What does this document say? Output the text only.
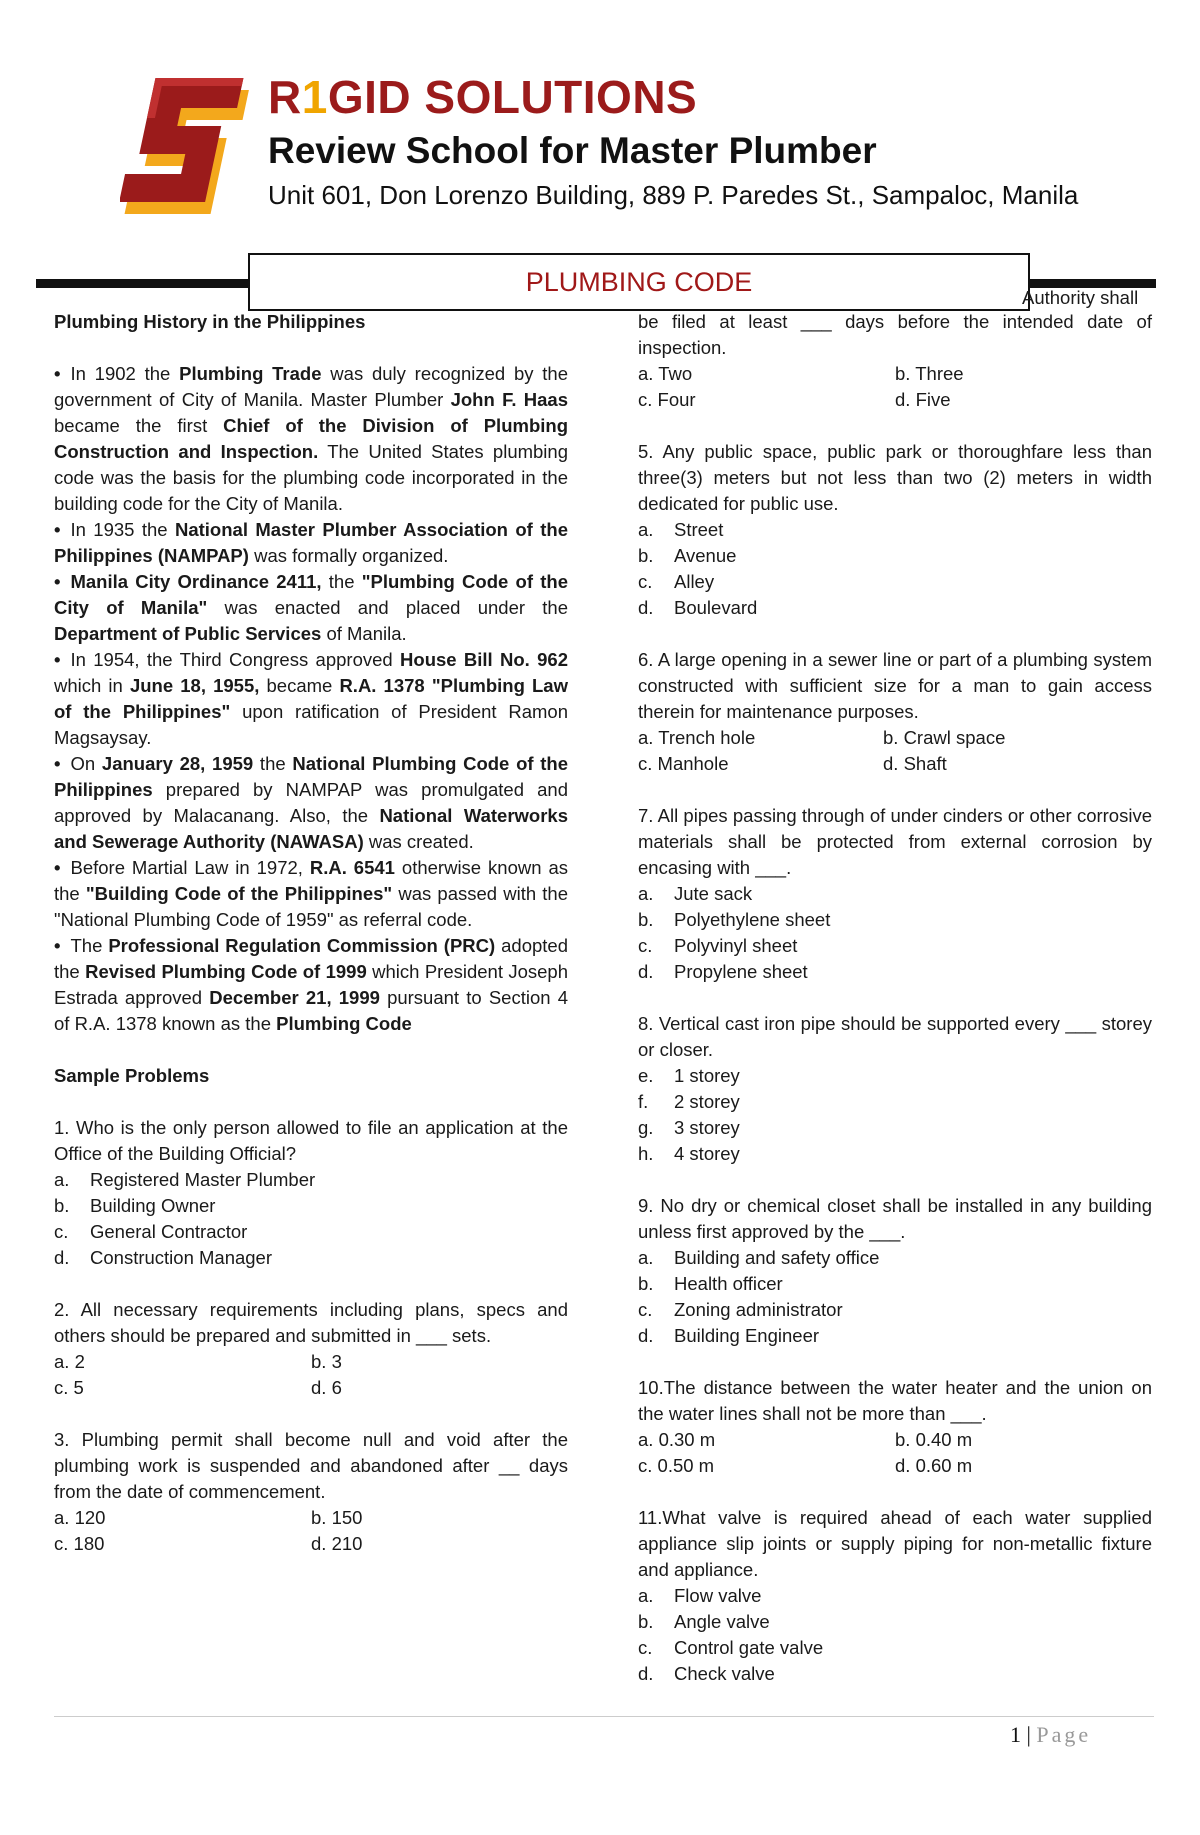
R1GID SOLUTIONS
Review School for Master Plumber
Unit 601, Don Lorenzo Building, 889 P. Paredes St., Sampaloc, Manila
PLUMBING CODE
Authority shall
Plumbing History in the Philippines
• In 1902 the Plumbing Trade was duly recognized by the government of City of Manila. Master Plumber John F. Haas became the first Chief of the Division of Plumbing Construction and Inspection. The United States plumbing code was the basis for the plumbing code incorporated in the building code for the City of Manila.
• In 1935 the National Master Plumber Association of the Philippines (NAMPAP) was formally organized.
• Manila City Ordinance 2411, the "Plumbing Code of the City of Manila" was enacted and placed under the Department of Public Services of Manila.
• In 1954, the Third Congress approved House Bill No. 962 which in June 18, 1955, became R.A. 1378 "Plumbing Law of the Philippines" upon ratification of President Ramon Magsaysay.
• On January 28, 1959 the National Plumbing Code of the Philippines prepared by NAMPAP was promulgated and approved by Malacanang. Also, the National Waterworks and Sewerage Authority (NAWASA) was created.
• Before Martial Law in 1972, R.A. 6541 otherwise known as the "Building Code of the Philippines" was passed with the "National Plumbing Code of 1959" as referral code.
• The Professional Regulation Commission (PRC) adopted the Revised Plumbing Code of 1999 which President Joseph Estrada approved December 21, 1999 pursuant to Section 4 of R.A. 1378 known as the Plumbing Code
Sample Problems
1. Who is the only person allowed to file an application at the Office of the Building Official?
a.	Registered Master Plumber
b.	Building Owner
c.	General Contractor
d.	Construction Manager
2. All necessary requirements including plans, specs and others should be prepared and submitted in ___ sets.
a. 2	b. 3
c. 5	d. 6
3. Plumbing permit shall become null and void after the plumbing work is suspended and abandoned after __ days from the date of commencement.
a. 120	b. 150
c. 180	d. 210
be filed at least ___ days before the intended date of inspection.
a. Two	b. Three
c. Four	d. Five
5. Any public space, public park or thoroughfare less than three(3) meters but not less than two (2) meters in width dedicated for public use.
a.	Street
b.	Avenue
c.	Alley
d.	Boulevard
6. A large opening in a sewer line or part of a plumbing system constructed with sufficient size for a man to gain access therein for maintenance purposes.
a. Trench hole	b. Crawl space
c. Manhole	d. Shaft
7. All pipes passing through of under cinders or other corrosive materials shall be protected from external corrosion by encasing with ___.
a.	Jute sack
b.	Polyethylene sheet
c.	Polyvinyl sheet
d.	Propylene sheet
8. Vertical cast iron pipe should be supported every ___ storey or closer.
e.	1 storey
f.	2 storey
g.	3 storey
h.	4 storey
9. No dry or chemical closet shall be installed in any building unless first approved by the ___.
a.	Building and safety office
b.	Health officer
c.	Zoning administrator
d.	Building Engineer
10.The distance between the water heater and the union on the water lines shall not be more than ___.
a. 0.30 m	b. 0.40 m
c. 0.50 m	d. 0.60 m
11.What valve is required ahead of each water supplied appliance slip joints or supply piping for non-metallic fixture and appliance.
a.	Flow valve
b.	Angle valve
c.	Control gate valve
d.	Check valve
1 | Page
